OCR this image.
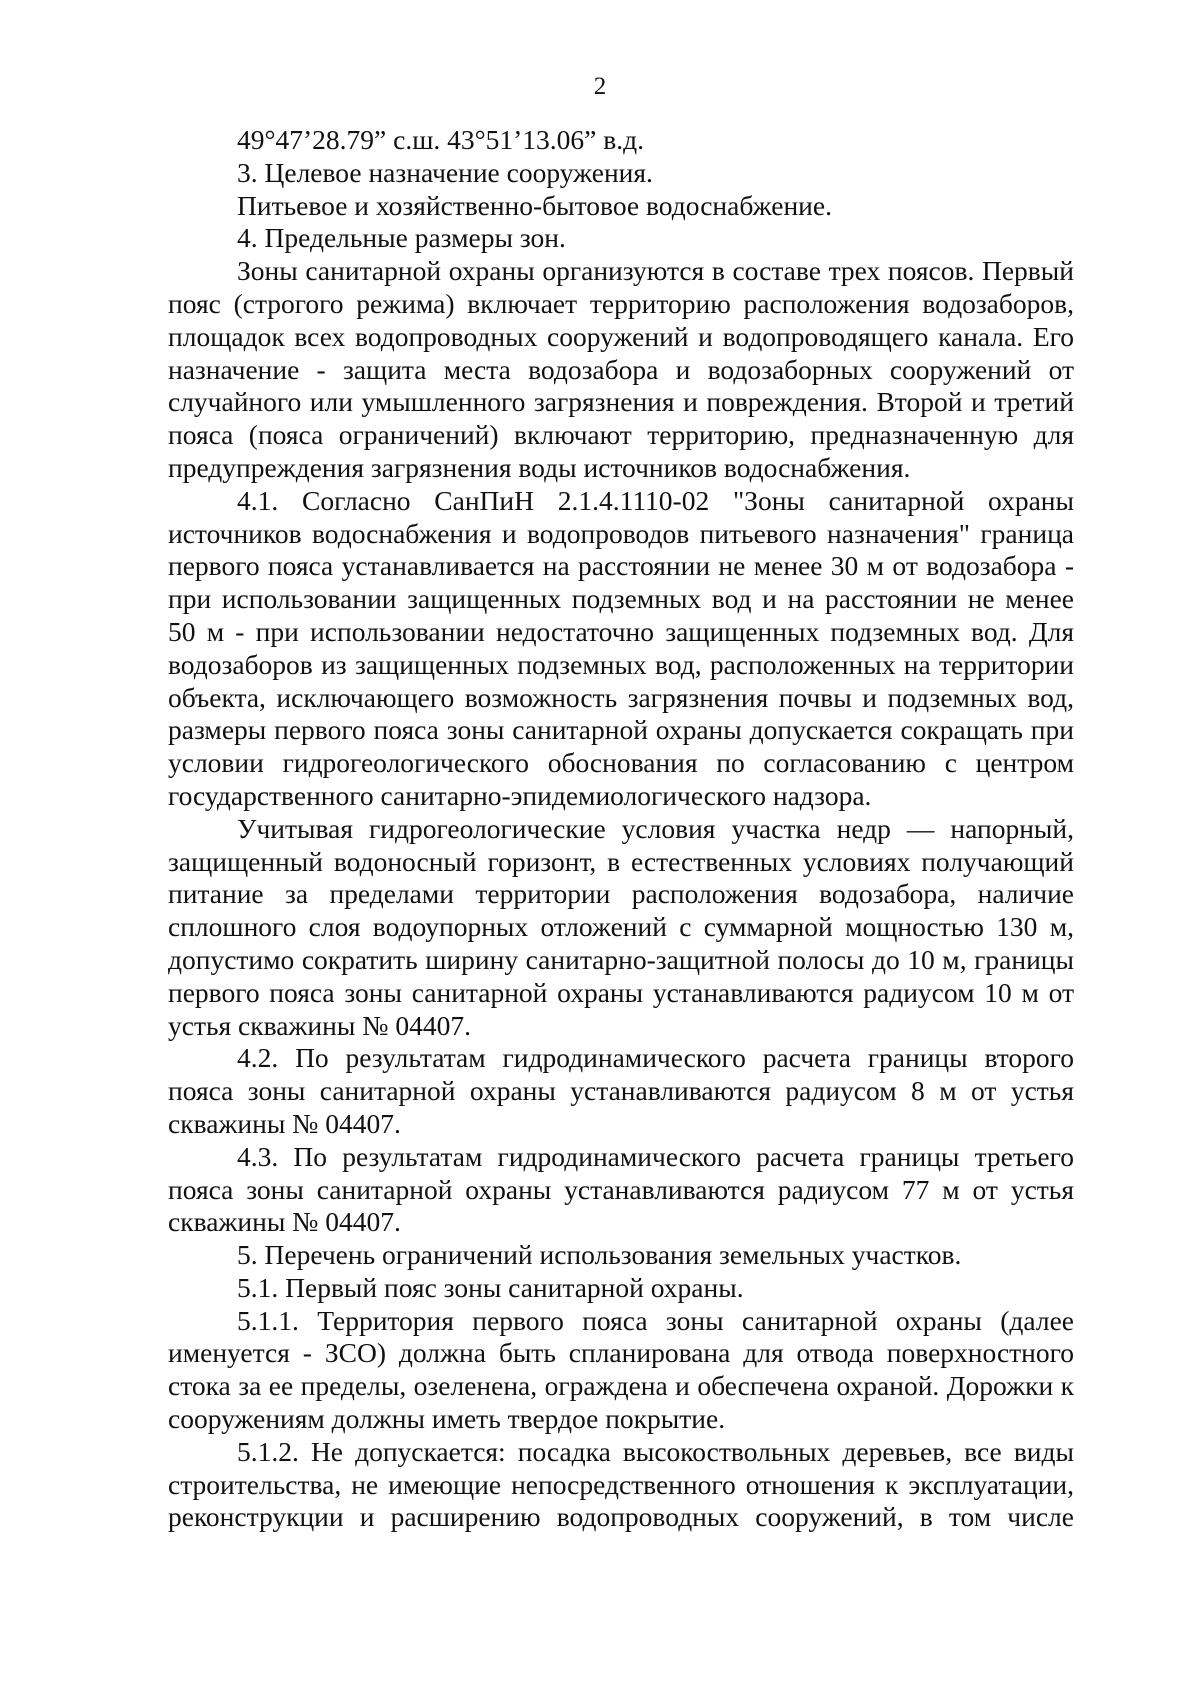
2

49°47’28.79” с.ш. 43°51’13.06” в.д.

3. Целевое назначение сооружения.

Питьевое и хозяйственно-бытовое водоснабжение.

4. Предельные размеры зон.

Зоны санитарной охраны организуются в составе трех поясов. Первый пояс (строгого режима) включает территорию расположения водозаборов, площадок всех водопроводных сооружений и водопроводящего канала. Его назначение - защита места водозабора и водозаборных сооружений от случайного или умышленного загрязнения и повреждения. Второй и третий пояса (пояса ограничений) включают территорию, предназначенную для предупреждения загрязнения воды источников водоснабжения.

4.1. Согласно СанПиН 2.1.4.1110-02 "Зоны санитарной охраны источников водоснабжения и водопроводов питьевого назначения" граница первого пояса устанавливается на расстоянии не менее 30 м от водозабора - при использовании защищенных подземных вод и на расстоянии не менее 50 м - при использовании недостаточно защищенных подземных вод. Для водозаборов из защищенных подземных вод, расположенных на территории объекта, исключающего возможность загрязнения почвы и подземных вод, размеры первого пояса зоны санитарной охраны допускается сокращать при условии гидрогеологического обоснования по согласованию с центром государственного санитарно-эпидемиологического надзора.

Учитывая гидрогеологические условия участка недр — напорный, защищенный водоносный горизонт, в естественных условиях получающий питание за пределами территории расположения водозабора, наличие сплошного слоя водоупорных отложений с суммарной мощностью 130 м, допустимо сократить ширину санитарно-защитной полосы до 10 м, границы первого пояса зоны санитарной охраны устанавливаются радиусом 10 м от устья скважины № 04407.

4.2. По результатам гидродинамического расчета границы второго пояса зоны санитарной охраны устанавливаются радиусом 8 м от устья скважины № 04407.

4.3. По результатам гидродинамического расчета границы третьего пояса зоны санитарной охраны устанавливаются радиусом 77 м от устья скважины № 04407.

5. Перечень ограничений использования земельных участков.

5.1. Первый пояс зоны санитарной охраны.

5.1.1. Территория первого пояса зоны санитарной охраны (далее именуется - ЗСО) должна быть спланирована для отвода поверхностного стока за ее пределы, озеленена, ограждена и обеспечена охраной. Дорожки к сооружениям должны иметь твердое покрытие.

5.1.2. Не допускается: посадка высокоствольных деревьев, все виды строительства, не имеющие непосредственного отношения к эксплуатации, реконструкции и расширению водопроводных сооружений, в том числе
